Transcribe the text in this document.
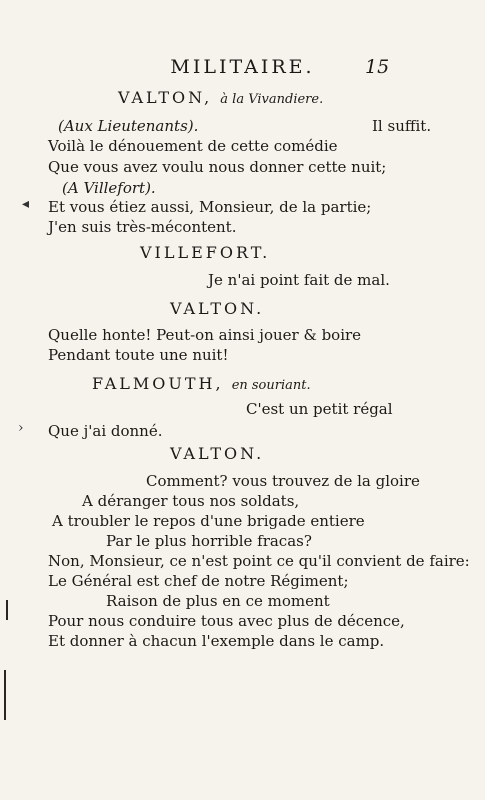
MILITAIRE.	15
VALTON, à la Vivandiere.
(Aux Lieutenants).	Il suffit.
Voilà le dénouement de cette comédie
Que vous avez voulu nous donner cette nuit;
(A Villefort).
Et vous étiez aussi, Monsieur, de la partie;
J'en suis très-mécontent.
VILLEFORT.
Je n'ai point fait de mal.
VALTON.
Quelle honte! Peut-on ainsi jouer & boire
Pendant toute une nuit!
FALMOUTH, en souriant.
C'est un petit régal
Que j'ai donné.
VALTON.
Comment? vous trouvez de la gloire
A déranger tous nos soldats,
A troubler le repos d'une brigade entiere
Par le plus horrible fracas?
Non, Monsieur, ce n'est point ce qu'il convient de faire:
Le Général est chef de notre Régiment;
Raison de plus en ce moment
Pour nous conduire tous avec plus de décence,
Et donner à chacun l'exemple dans le camp.
◂
›
